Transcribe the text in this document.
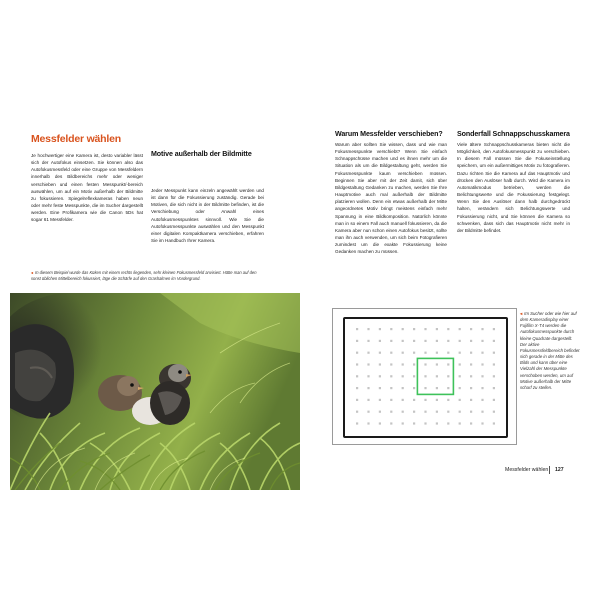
Messfelder wählen

Je hochwertiger eine Kamera ist, desto variabler lässt sich der Autofokus einsetzen. Sie können also das Autofokusmessfeld oder eine Gruppe von Messfeldern innerhalb des Bildbereichs mehr oder weniger verschieben und einen festen Messpunkt/-bereich auswählen, um auf ein Motiv außerhalb der Bildmitte zu fokussieren. Spiegelreflexkameras haben neun oder mehr feste Messpunkte, die im Sucher dargestellt werden. Eine Profikamera wie die Canon 5Ds hat sogar 61 Messfelder.

Motive außerhalb der Bildmitte

Jeder Messpunkt kann einzeln angewählt werden und ist dann für die Fokussierung zuständig. Gerade bei Motiven, die sich nicht in der Bildmitte befinden, ist die Verschiebung oder Anwahl eines Autofokusmesspunktes sinnvoll. Wie Sie die Autofokusmesspunkte auswählen und den Messpunkt einer digitalen Kompaktkamera verschieben, erfahren Sie im Handbuch Ihrer Kamera.

◂ In diesem Beispiel wurde das Küken mit einem rechts liegenden, sehr kleinen Fokusmessfeld anvisiert. Hätte man auf den sonst üblichen Mittelbereich fokussiert, läge die Schärfe auf den Grashalmen im Vordergrund.
Warum Messfelder verschieben?

Warum aber sollten Sie wissen, dass und wie man Fokusmesspunkte verschiebt? Wenn Sie einfach Schnappschüsse machen und es ihnen mehr um die Situation als um die Bildgestaltung geht, werden Sie Fokusmesspunkte kaum verschieben müssen. Beginnen Sie aber mit der Zeit damit, sich über Bildgestaltung Gedanken zu machen, werden Sie Ihre Hauptmotive auch mal außerhalb der Bildmitte platzieren wollen. Denn ein etwas außerhalb der Mitte angeordnetes Motiv bringt meistens einfach mehr Spannung in eine Bildkomposition. Natürlich könnte man in so einem Fall auch manuell fokussieren, da die Kamera aber nun schon einen Autofokus besitzt, sollte man ihn auch verwenden, um sich beim Fotografieren zumindest um die exakte Fokussierung keine Gedanken machen zu müssen.

Sonderfall Schnappschusskamera

Viele ältere Schnappschusskameras bieten nicht die Möglichkeit, den Autofokusmesspunkt zu verschieben. In diesem Fall müssen Sie die Fokuseinstellung speichern, um ein außermittiges Motiv zu fotografieren. Dazu richten Sie die Kamera auf das Hauptmotiv und drücken den Auslöser halb durch. Wird die Kamera im Automatikmodus betrieben, werden die Belichtungswerte und die Fokussierung festgelegt. Wenn Sie den Auslöser dann halb durchgedrückt halten, verändern sich Belichtungswerte und Fokussierung nicht, und Sie können die Kamera so schwenken, dass sich das Hauptmotiv nicht mehr in der Bildmitte befindet.

◂ Im Sucher oder wie hier auf dem Kameradisplay einer Fujifilm X-T4 werden die Autofokusmesspunkte durch kleine Quadrate dargestellt. Der aktive Fokusmessfeldbereich befindet sich gerade in der Mitte des Bilds und kann über eine Vielzahl der Messpunkte verschoben werden, um auf Motive außerhalb der Mitte scharf zu stellen.
Messfelder wählen 127
